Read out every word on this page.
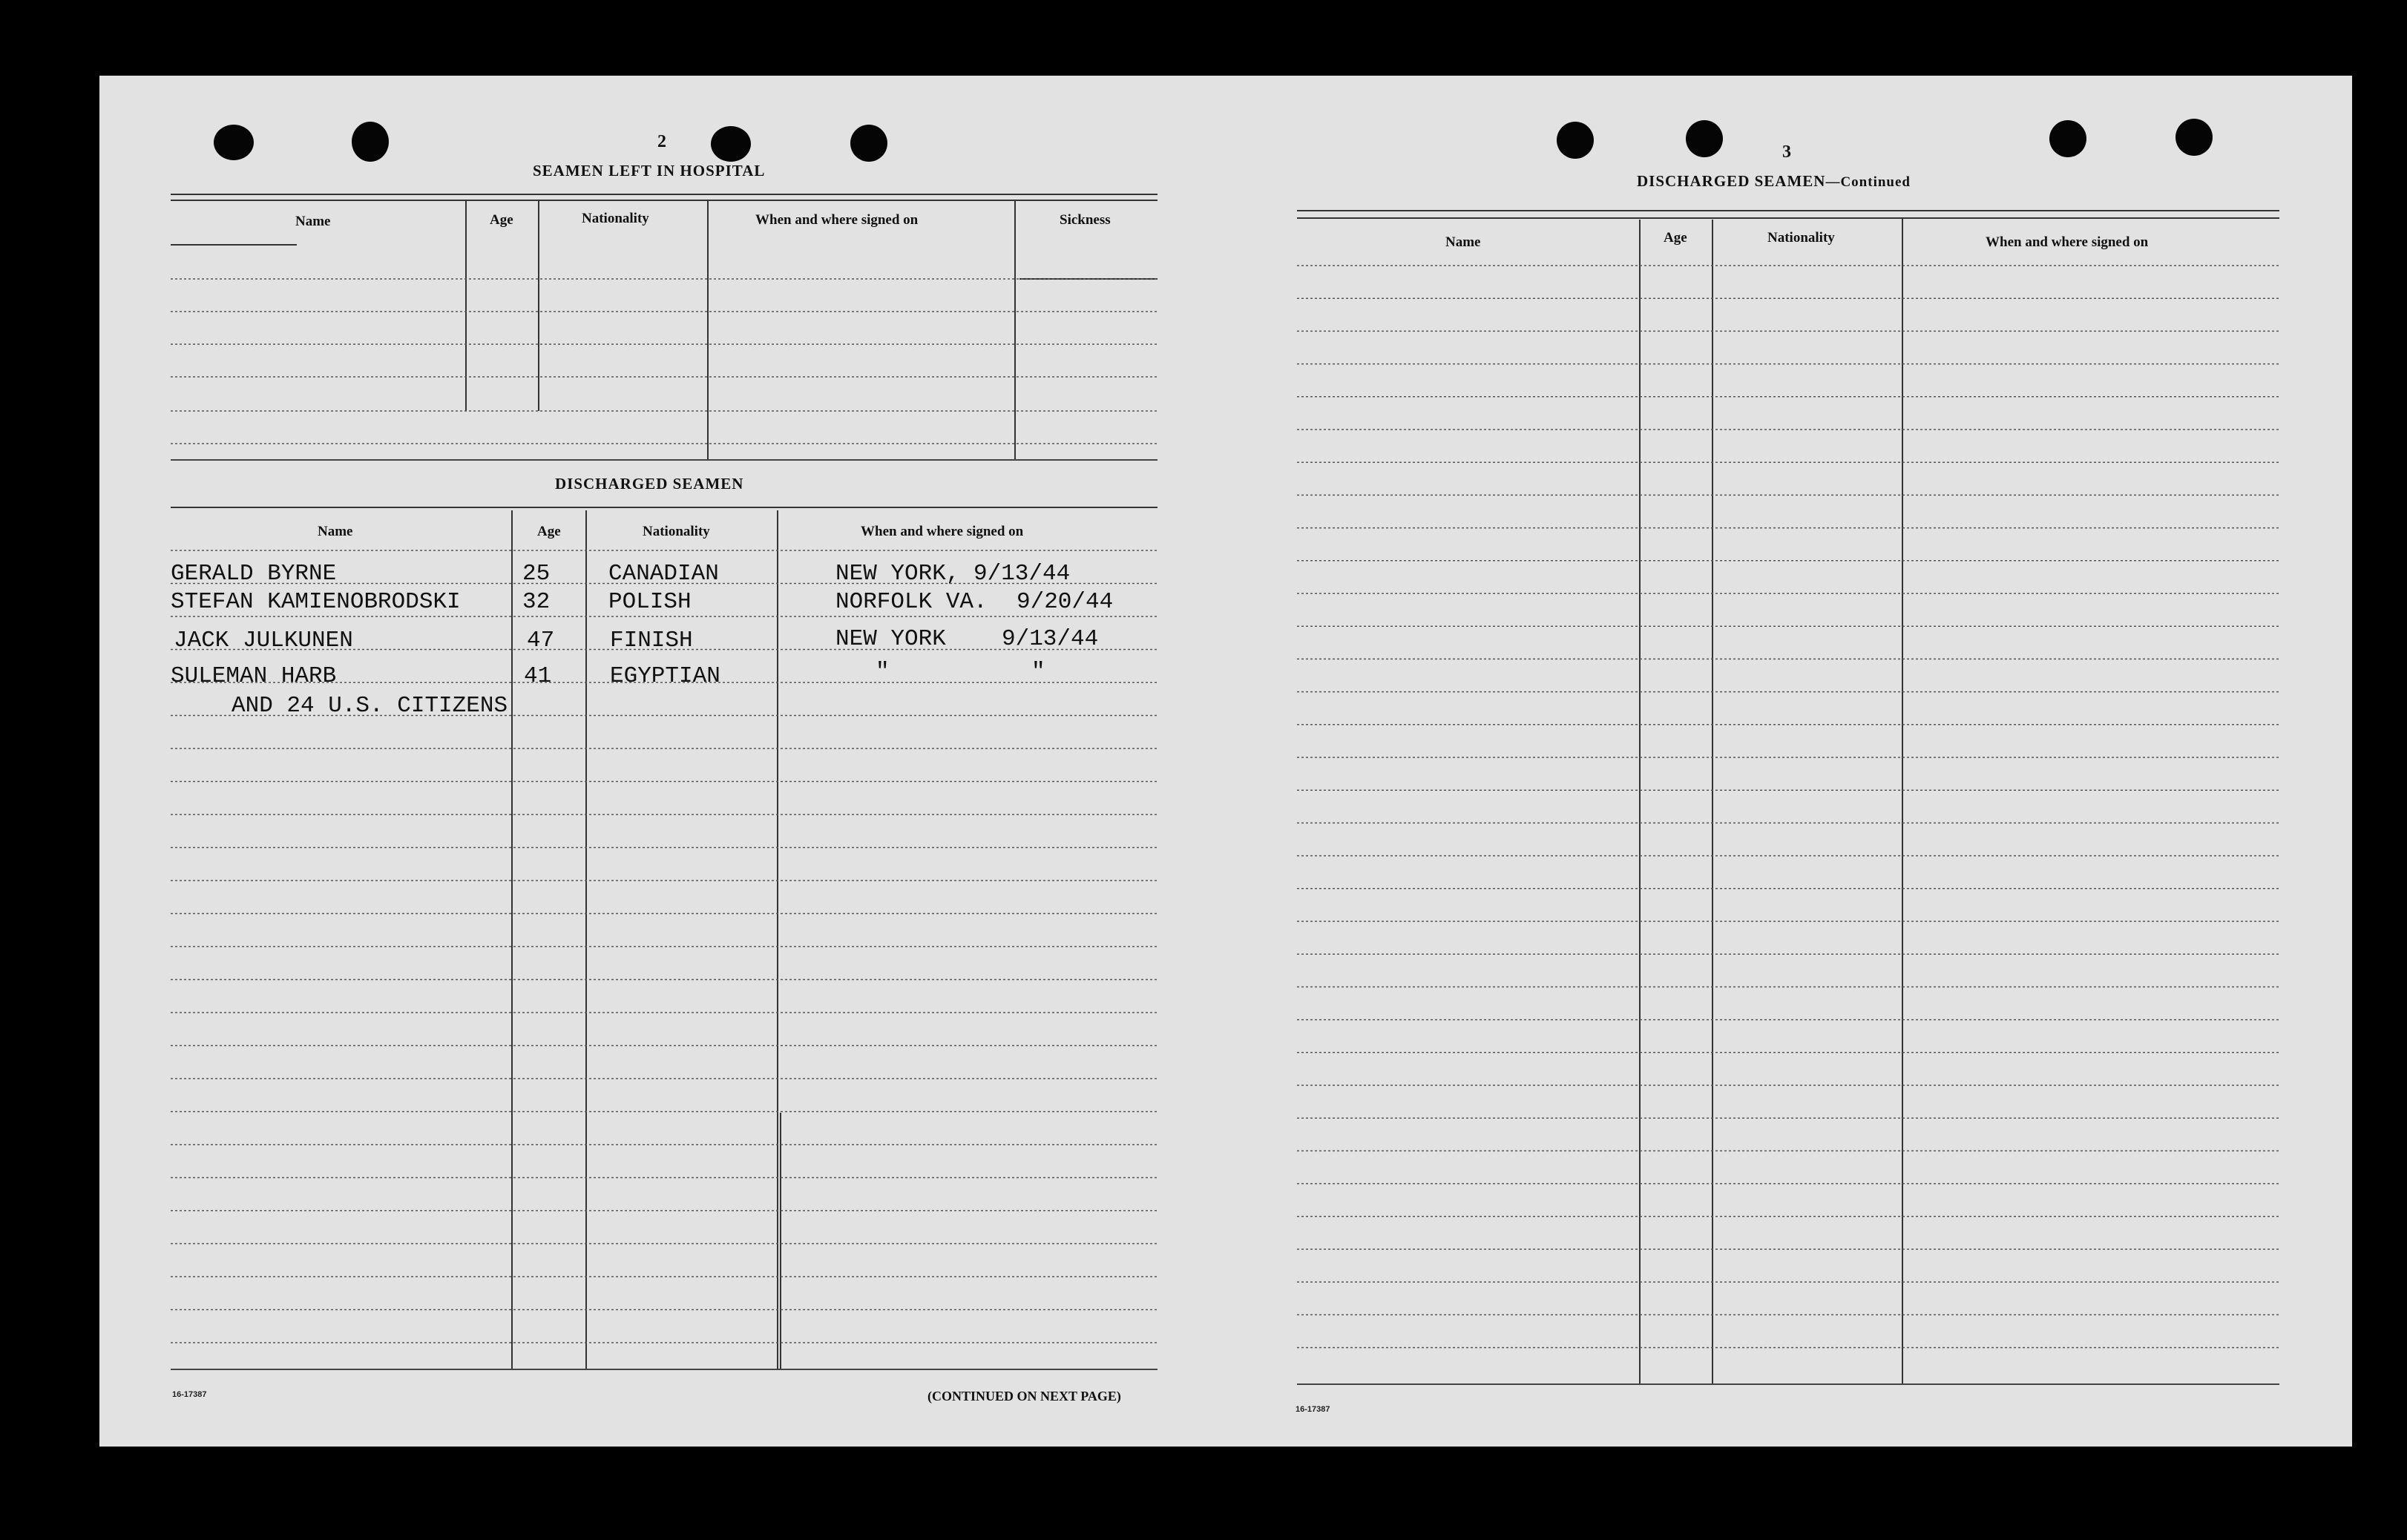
2
SEAMEN LEFT IN HOSPITAL
Name	Age	Nationality	When and where signed on	Sickness
DISCHARGED SEAMEN
Name	Age	Nationality	When and where signed on
GERALD BYRNE	25	CANADIAN	NEW YORK, 9/13/44
STEFAN KAMIENOBRODSKI	32	POLISH	NORFOLK VA. 9/20/44
JACK JULKUNEN	47 FINISH	NEW YORK 9/13/44
SULEMAN HARB	41	EGYPTIAN	"	"
AND 24 U.S. CITIZENS
16-17387	(CONTINUED ON NEXT PAGE)
3
DISCHARGED SEAMEN—Continued
Name	Age	Nationality	When and where signed on
16-17387
